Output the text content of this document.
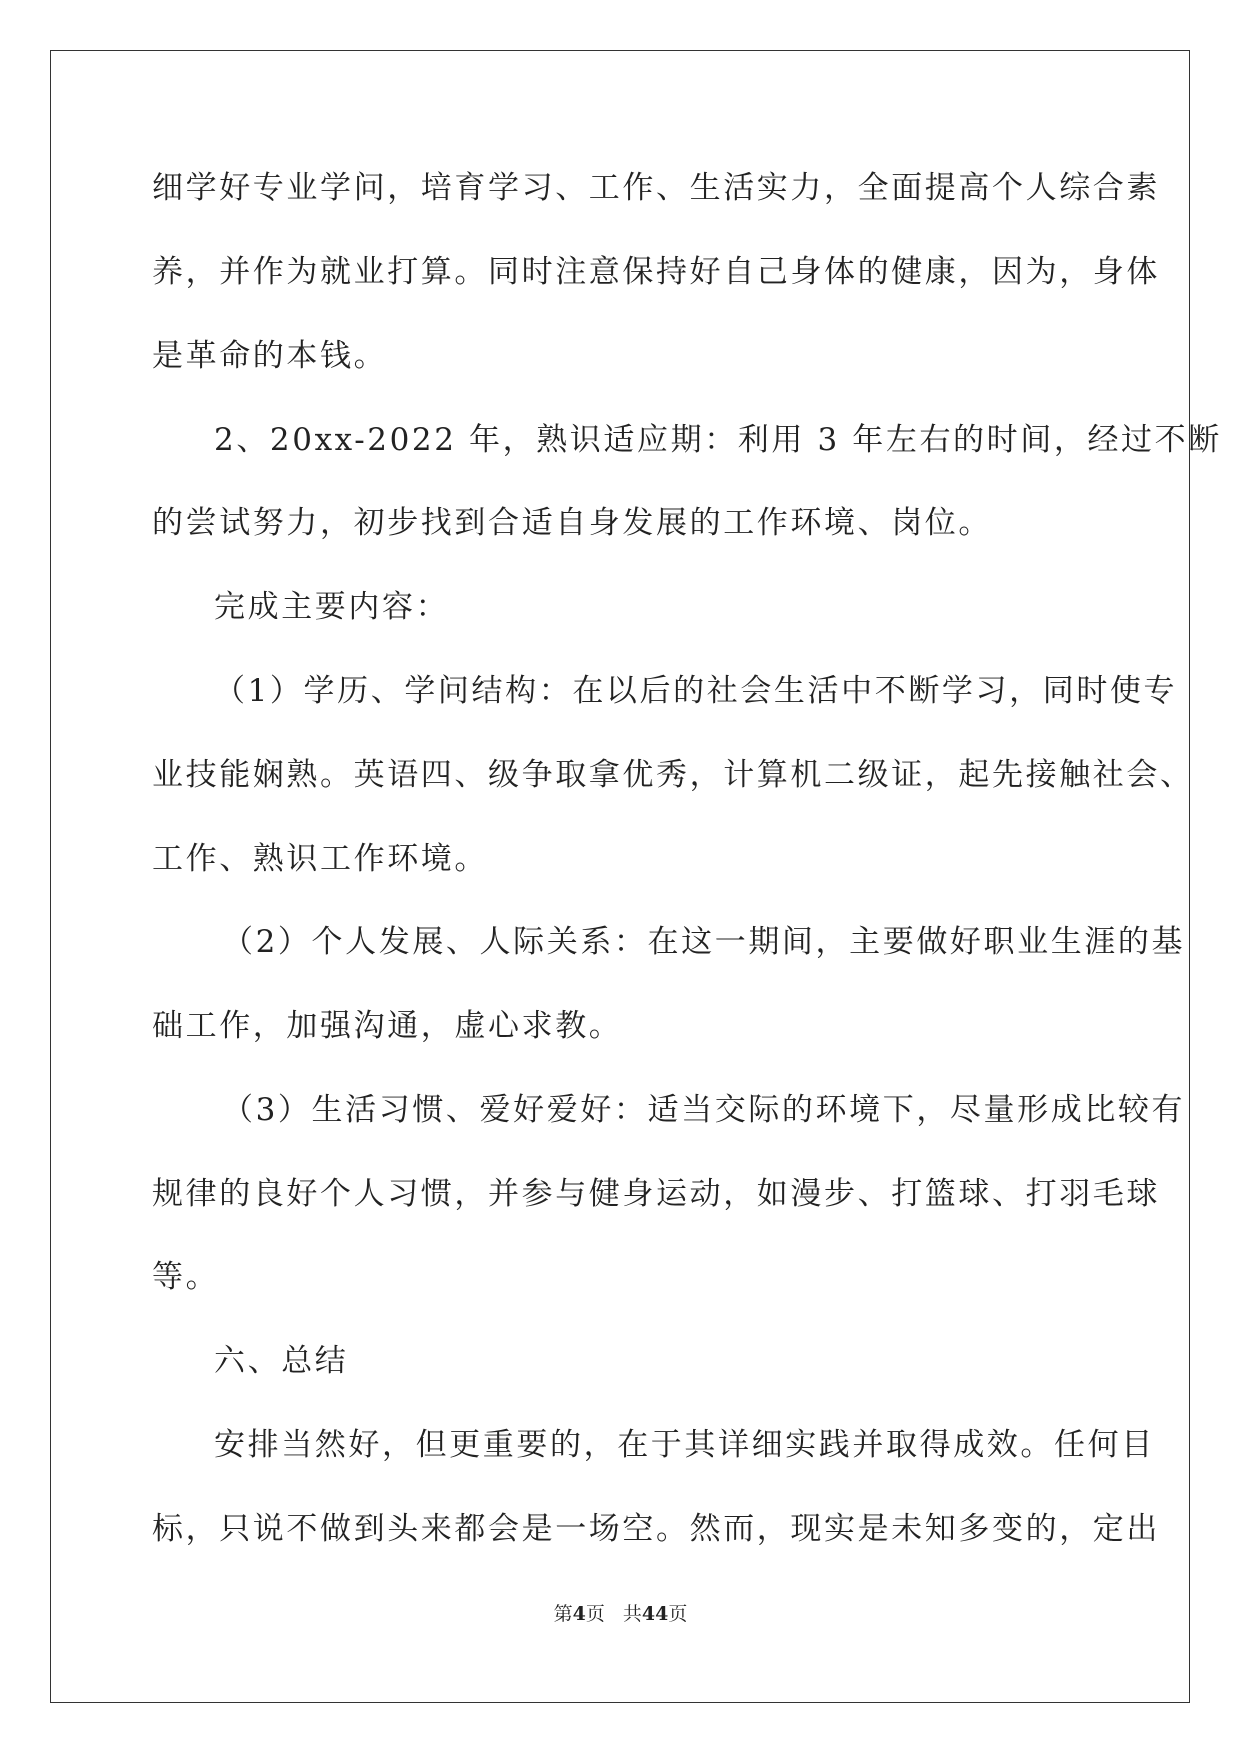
细学好专业学问，培育学习、工作、生活实力，全面提高个人综合素
养，并作为就业打算。同时注意保持好自己身体的健康，因为，身体
是革命的本钱。
2、20xx-2022 年，熟识适应期：利用 3 年左右的时间，经过不断
的尝试努力，初步找到合适自身发展的工作环境、岗位。
完成主要内容：
（1）学历、学问结构：在以后的社会生活中不断学习，同时使专
业技能娴熟。英语四、级争取拿优秀，计算机二级证，起先接触社会、
工作、熟识工作环境。
（2）个人发展、人际关系：在这一期间，主要做好职业生涯的基
础工作，加强沟通，虚心求教。
（3）生活习惯、爱好爱好：适当交际的环境下，尽量形成比较有
规律的良好个人习惯，并参与健身运动，如漫步、打篮球、打羽毛球
等。
六、总结
安排当然好，但更重要的，在于其详细实践并取得成效。任何目
标，只说不做到头来都会是一场空。然而，现实是未知多变的，定出
第4页 共44页
